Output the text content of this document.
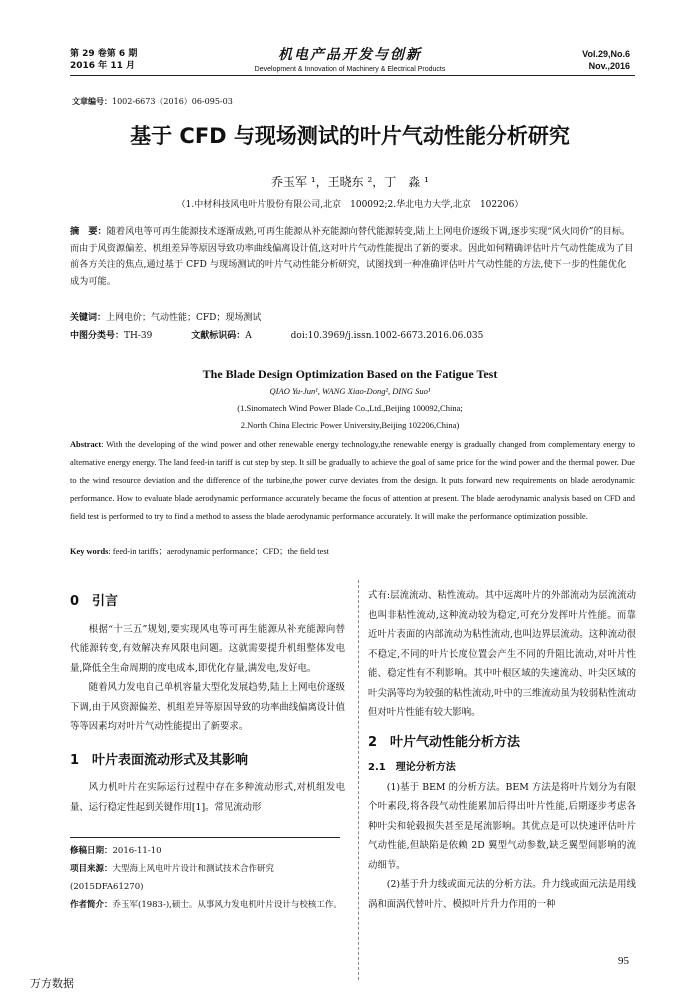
第 29 卷第 6 期
2016 年 11 月
机电产品开发与创新
Development & Innovation of Machinery & Electrical Products
Vol.29,No.6
Nov.,2016
文章编号：1002-6673（2016）06-095-03
基于 CFD 与现场测试的叶片气动性能分析研究
乔玉军 ¹，王晓东 ²，丁　淼 ¹
（1.中材科技风电叶片股份有限公司,北京　100092;2.华北电力大学,北京　102206）
摘　要：随着风电等可再生能源技术逐渐成熟,可再生能源从补充能源向替代能源转变,陆上上网电价逐级下调,逐步实现“风火同价”的目标。而由于风资源偏差、机组差异等原因导致功率曲线偏离设计值,这对叶片气动性能提出了新的要求。因此如何精确评估叶片气动性能成为了目前各方关注的焦点,通过基于 CFD 与现场测试的叶片气动性能分析研究，试图找到一种准确评估叶片气动性能的方法,使下一步的性能优化成为可能。
关键词：上网电价；气动性能；CFD；现场测试
中图分类号：TH-39	文献标识码：A	doi:10.3969/j.issn.1002-6673.2016.06.035
The Blade Design Optimization Based on the Fatigue Test
QIAO Yu-Jun¹, WANG Xiao-Dong², DING Suo¹
(1.Sinomatech Wind Power Blade Co.,Ltd.,Beijing 100092,China;
2.North China Electric Power University,Beijing 102206,China)
Abstract: With the developing of the wind power and other renewable energy technology,the renewable energy is gradually changed from complementary energy to alternative energy energy. The land feed-in tariff is cut step by step. It sill be gradually to achieve the goal of same price for the wind power and the thermal power. Due to the wind resource deviation and the difference of the turbine,the power curve deviates from the design. It puts forward new requirements on blade aerodynamic performance. How to evaluate blade aerodynamic performance accurately became the focus of attention at present. The blade aerodynamic analysis based on CFD and field test is performed to try to find a method to assess the blade aerodynamic performance accurately. It will make the performance optimization possible.
Key words: feed-in tariffs；aerodynamic performance；CFD；the field test
0　引言

根据“十三五”规划,要实现风电等可再生能源从补充能源向替代能源转变,有效解决弃风限电问题。这就需要提升机组整体发电量,降低全生命周期的度电成本,即优化存量,满发电,发好电。

随着风力发电自己单机容量大型化发展趋势,陆上上网电价逐级下调,由于风资源偏差、机组差异等原因导致的功率曲线偏离设计值等等因素均对叶片气动性能提出了新要求。

1　叶片表面流动形式及其影响

风力机叶片在实际运行过程中存在多种流动形式,对机组发电量、运行稳定性起到关键作用[1]。常见流动形

修稿日期：2016-11-10
项目来源：大型海上风电叶片设计和测试技术合作研究(2015DFA61270)
作者简介：乔玉军(1983-),硕士。从事风力发电机叶片设计与校核工作。

式有:层流流动、粘性流动。其中远离叶片的外部流动为层流流动也叫非粘性流动,这种流动较为稳定,可充分发挥叶片性能。而靠近叶片表面的内部流动为粘性流动,也叫边界层流动。这种流动很不稳定,不同的叶片长度位置会产生不同的升阻比流动,对叶片性能、稳定性有不利影响。其中叶根区域的失速流动、叶尖区域的叶尖涡等均为较强的粘性流动,叶中的三维流动虽为较弱粘性流动但对叶片性能有较大影响。

2　叶片气动性能分析方法
2.1　理论分析方法

(1)基于 BEM 的分析方法。BEM 方法是将叶片划分为有限个叶素段,将各段气动性能累加后得出叶片性能,后期逐步考虑各种叶尖和轮毂损失甚至是尾流影响。其优点是可以快速评估叶片气动性能,但缺陷是依赖 2D 翼型气动参数,缺乏翼型间影响的流动细节。

(2)基于升力线或面元法的分析方法。升力线或面元法是用线涡和面涡代替叶片、模拟叶片升力作用的一种

95
万方数据
